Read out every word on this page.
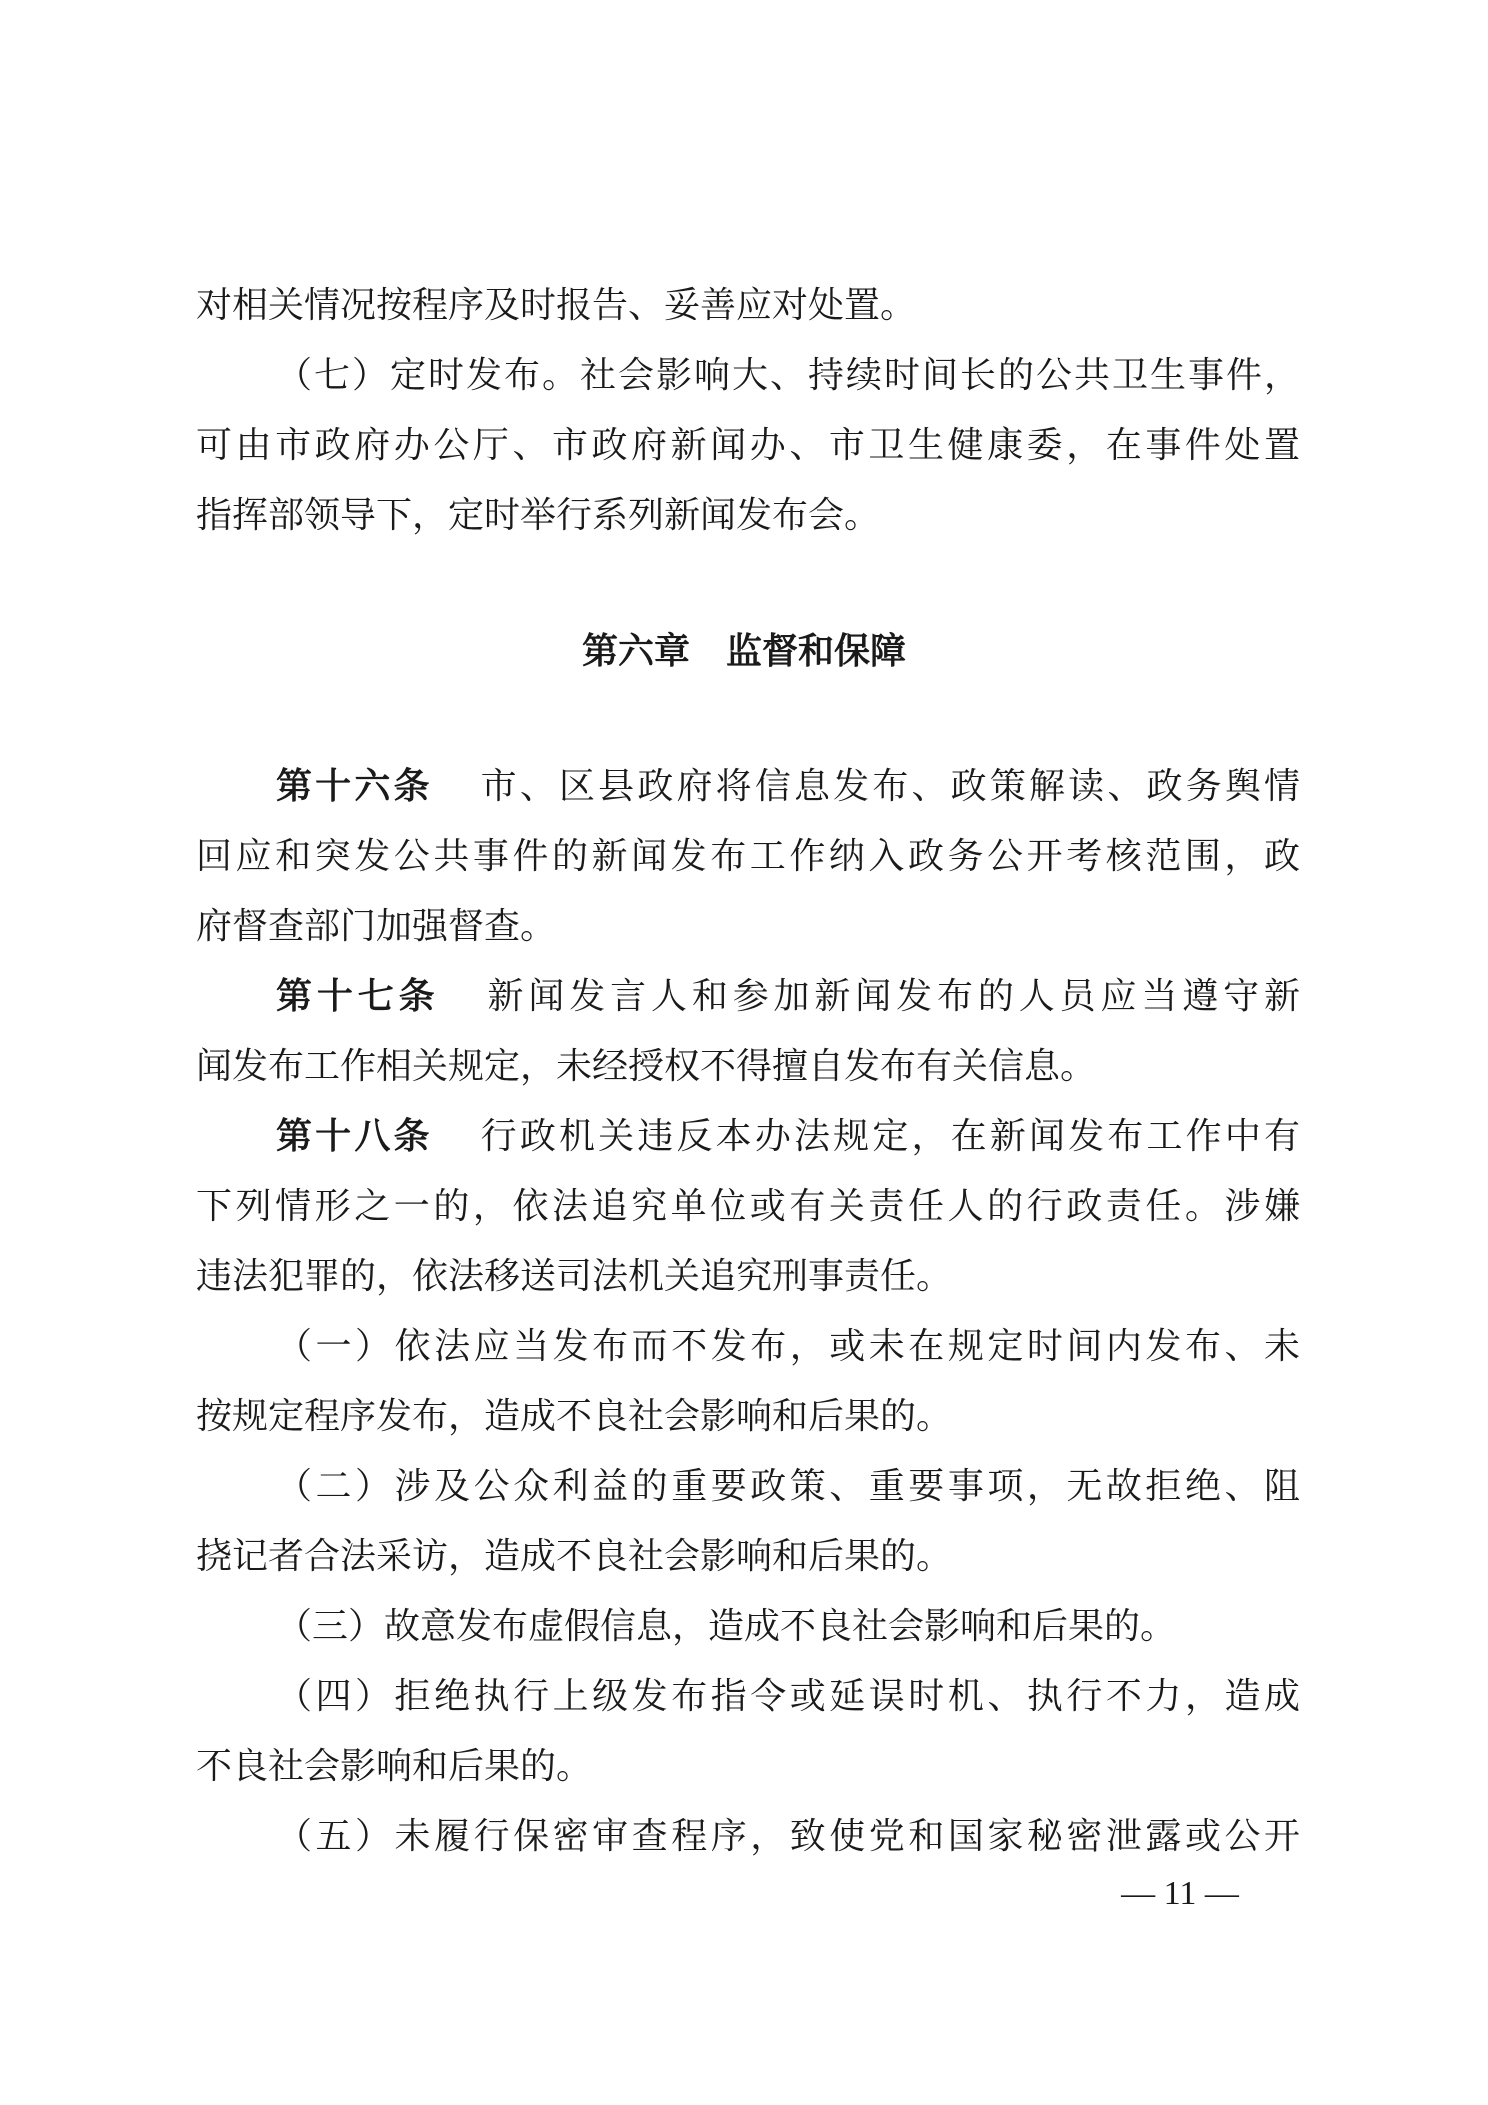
对相关情况按程序及时报告、妥善应对处置。
（七）定时发布。社会影响大、持续时间长的公共卫生事件，
可由市政府办公厅、市政府新闻办、市卫生健康委，在事件处置
指挥部领导下，定时举行系列新闻发布会。
第六章　监督和保障
第十六条 市、区县政府将信息发布、政策解读、政务舆情
回应和突发公共事件的新闻发布工作纳入政务公开考核范围，政
府督查部门加强督查。
第十七条 新闻发言人和参加新闻发布的人员应当遵守新
闻发布工作相关规定，未经授权不得擅自发布有关信息。
第十八条 行政机关违反本办法规定，在新闻发布工作中有
下列情形之一的，依法追究单位或有关责任人的行政责任。涉嫌
违法犯罪的，依法移送司法机关追究刑事责任。
（一）依法应当发布而不发布，或未在规定时间内发布、未
按规定程序发布，造成不良社会影响和后果的。
（二）涉及公众利益的重要政策、重要事项，无故拒绝、阻
挠记者合法采访，造成不良社会影响和后果的。
（三）故意发布虚假信息，造成不良社会影响和后果的。
（四）拒绝执行上级发布指令或延误时机、执行不力，造成
不良社会影响和后果的。
（五）未履行保密审查程序，致使党和国家秘密泄露或公开
— 11 —
